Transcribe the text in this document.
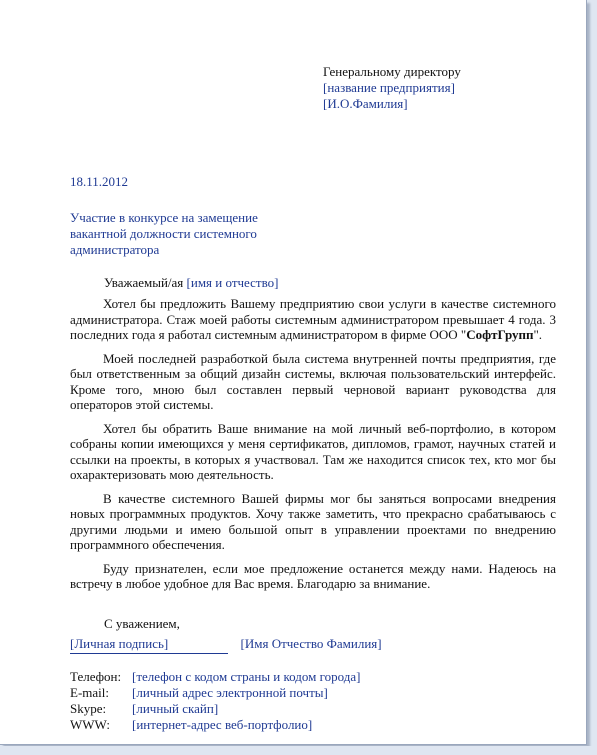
Генеральному директору
[ название предприятия ]
[ И.О.Фамилия ]
18.11.2012
Участие в конкурсе на замещение вакантной должности системного администратора
Уважаемый/ая [ имя и отчество ]

Хотел бы предложить Вашему предприятию свои услуги в качестве системного администратора. Стаж моей работы системным администратором превышает 4 года. 3 последних года я работал системным администратором в фирме ООО "СофтГрупп".

Моей последней разработкой была система внутренней почты предприятия, где был ответственным за общий дизайн системы, включая пользовательский интерфейс. Кроме того, мною был составлен первый черновой вариант руководства для операторов этой системы.

Хотел бы обратить Ваше внимание на мой личный веб-портфолио, в котором собраны копии имеющихся у меня сертификатов, дипломов, грамот, научных статей и ссылки на проекты, в которых я участвовал. Там же находится список тех, кто мог бы охарактеризовать мою деятельность.

В качестве системного Вашей фирмы мог бы заняться вопросами внедрения новых программных продуктов. Хочу также заметить, что прекрасно срабатываюсь с другими людьми и имею большой опыт в управлении проектами по внедрению программного обеспечения.

Буду признателен, если мое предложение останется между нами. Надеюсь на встречу в любое удобное для Вас время. Благодарю за внимание.

С уважением,
[ Личная подпись ]	[ Имя Отчество Фамилия ]
Телефон: [ телефон с кодом страны и кодом города ]
E-mail: [ личный адрес электронной почты ]
Skype: [ личный скайп ]
WWW: [ интернет-адрес веб-портфолио ]
